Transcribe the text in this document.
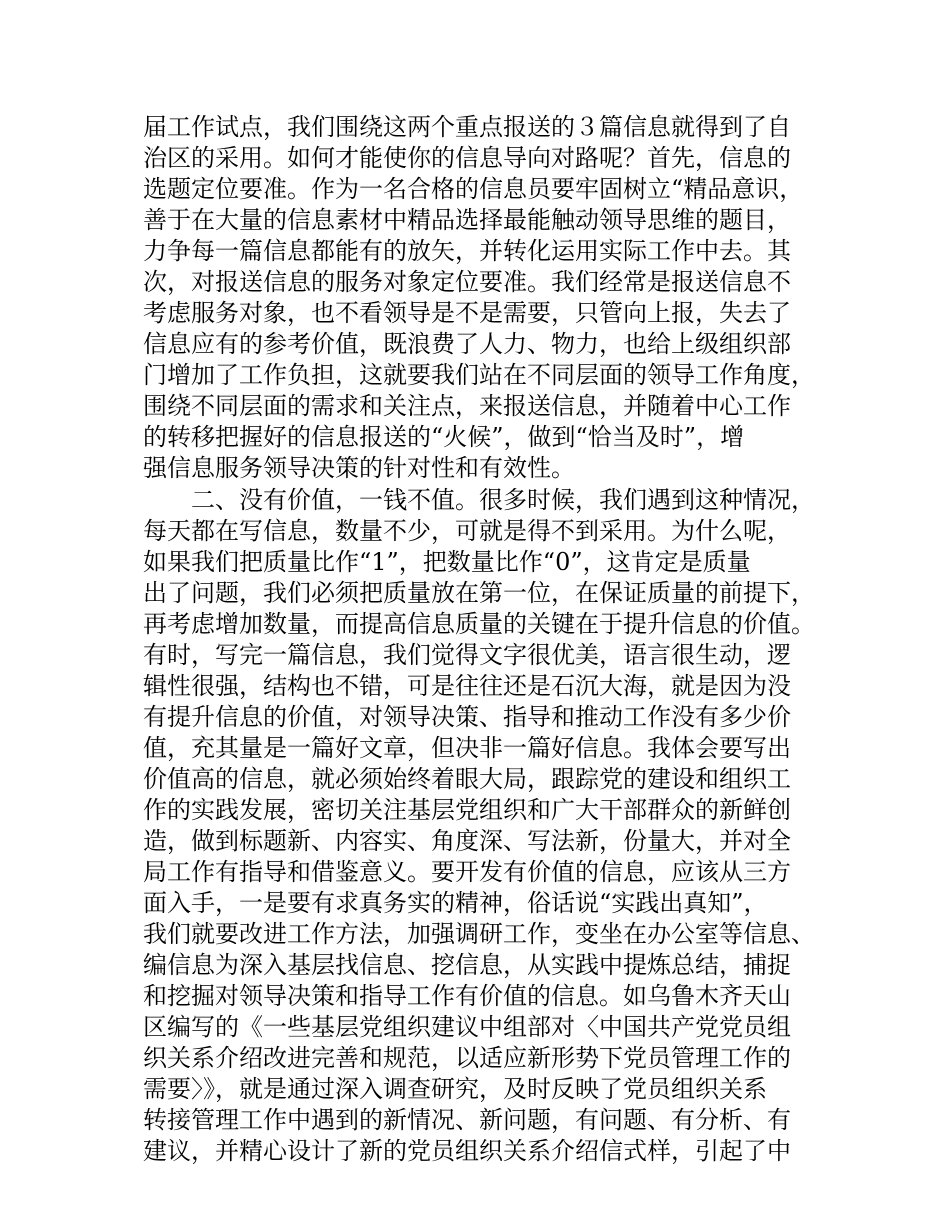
届工作试点，我们围绕这两个重点报送的３篇信息就得到了自
治区的采用。如何才能使你的信息导向对路呢？首先，信息的
选题定位要准。作为一名合格的信息员要牢固树立“精品意识，
善于在大量的信息素材中精品选择最能触动领导思维的题目，
力争每一篇信息都能有的放矢，并转化运用实际工作中去。其
次，对报送信息的服务对象定位要准。我们经常是报送信息不
考虑服务对象，也不看领导是不是需要，只管向上报，失去了
信息应有的参考价值，既浪费了人力、物力，也给上级组织部
门增加了工作负担，这就要我们站在不同层面的领导工作角度，
围绕不同层面的需求和关注点，来报送信息，并随着中心工作
的转移把握好的信息报送的“火候”，做到“恰当及时”，增
强信息服务领导决策的针对性和有效性。
　　二、没有价值，一钱不值。很多时候，我们遇到这种情况，
每天都在写信息，数量不少，可就是得不到采用。为什么呢，
如果我们把质量比作“1”，把数量比作“0”，这肯定是质量
出了问题，我们必须把质量放在第一位，在保证质量的前提下，
再考虑增加数量，而提高信息质量的关键在于提升信息的价值。
有时，写完一篇信息，我们觉得文字很优美，语言很生动，逻
辑性很强，结构也不错，可是往往还是石沉大海，就是因为没
有提升信息的价值，对领导决策、指导和推动工作没有多少价
值，充其量是一篇好文章，但决非一篇好信息。我体会要写出
价值高的信息，就必须始终着眼大局，跟踪党的建设和组织工
作的实践发展，密切关注基层党组织和广大干部群众的新鲜创
造，做到标题新、内容实、角度深、写法新，份量大，并对全
局工作有指导和借鉴意义。要开发有价值的信息，应该从三方
面入手，一是要有求真务实的精神，俗话说“实践出真知”，
我们就要改进工作方法，加强调研工作，变坐在办公室等信息、
编信息为深入基层找信息、挖信息，从实践中提炼总结，捕捉
和挖掘对领导决策和指导工作有价值的信息。如乌鲁木齐天山
区编写的《一些基层党组织建议中组部对〈中国共产党党员组
织关系介绍改进完善和规范，以适应新形势下党员管理工作的
需要〉》，就是通过深入调查研究，及时反映了党员组织关系
转接管理工作中遇到的新情况、新问题，有问题、有分析、有
建议，并精心设计了新的党员组织关系介绍信式样，引起了中
